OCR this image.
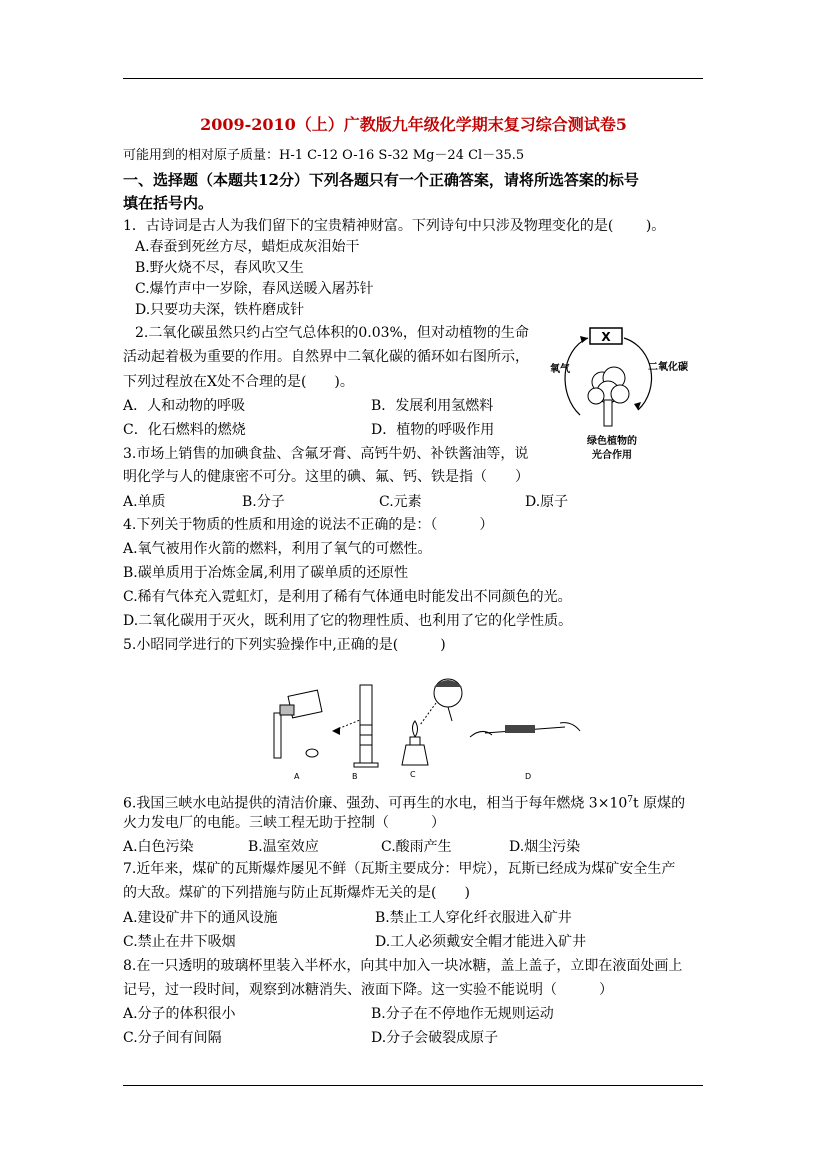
2009-2010（上）广教版九年级化学期末复习综合测试卷5
可能用到的相对原子质量：H-1 C-12 O-16 S-32 Mg－24 Cl－35.5
一、选择题（本题共12分）下列各题只有一个正确答案，请将所选答案的标号
填在括号内。
1．古诗词是古人为我们留下的宝贵精神财富。下列诗句中只涉及物理变化的是(　　 )。
A.春蚕到死丝方尽，蜡炬成灰泪始干
B.野火烧不尽，春风吹又生
C.爆竹声中一岁除，春风送暖入屠苏针
D.只要功夫深，铁杵磨成针
2.二氧化碳虽然只约占空气总体积的0.03%，但对动植物的生命
活动起着极为重要的作用。自然界中二氧化碳的循环如右图所示，
下列过程放在X处不合理的是(　　)。
A．人和动物的呼吸	B．发展利用氢燃料
C．化石燃料的燃烧	D．植物的呼吸作用
X
氧气	二氧化碳
绿色植物的
光合作用
3.市场上销售的加碘食盐、含氟牙膏、高钙牛奶、补铁酱油等，说
明化学与人的健康密不可分。这里的碘、氟、钙、铁是指（　　）
A.单质	B.分子	C.元素	D.原子
4.下列关于物质的性质和用途的说法不正确的是：（　　　）
A.氧气被用作火箭的燃料，利用了氧气的可燃性。
B.碳单质用于冶炼金属,利用了碳单质的还原性
C.稀有气体充入霓虹灯，是利用了稀有气体通电时能发出不同颜色的光。
D.二氧化碳用于灭火，既利用了它的物理性质、也利用了它的化学性质。
5.小昭同学进行的下列实验操作中,正确的是(　　　)
A	B	C	D
6.我国三峡水电站提供的清洁价廉、强劲、可再生的水电，相当于每年燃烧 $3\times 10^7t$ 原煤的
火力发电厂的电能。三峡工程无助于控制（　　　）
A.白色污染	B.温室效应	C.酸雨产生	D.烟尘污染
7.近年来，煤矿的瓦斯爆炸屡见不鲜（瓦斯主要成分：甲烷），瓦斯已经成为煤矿安全生产
的大敌。煤矿的下列措施与防止瓦斯爆炸无关的是(　　)
A.建设矿井下的通风设施	B.禁止工人穿化纤衣服进入矿井
C.禁止在井下吸烟	D.工人必须戴安全帽才能进入矿井
8.在一只透明的玻璃杯里装入半杯水，向其中加入一块冰糖，盖上盖子，立即在液面处画上
记号，过一段时间，观察到冰糖消失、液面下降。这一实验不能说明（　　　）
A.分子的体积很小	B.分子在不停地作无规则运动
C.分子间有间隔	D.分子会破裂成原子
